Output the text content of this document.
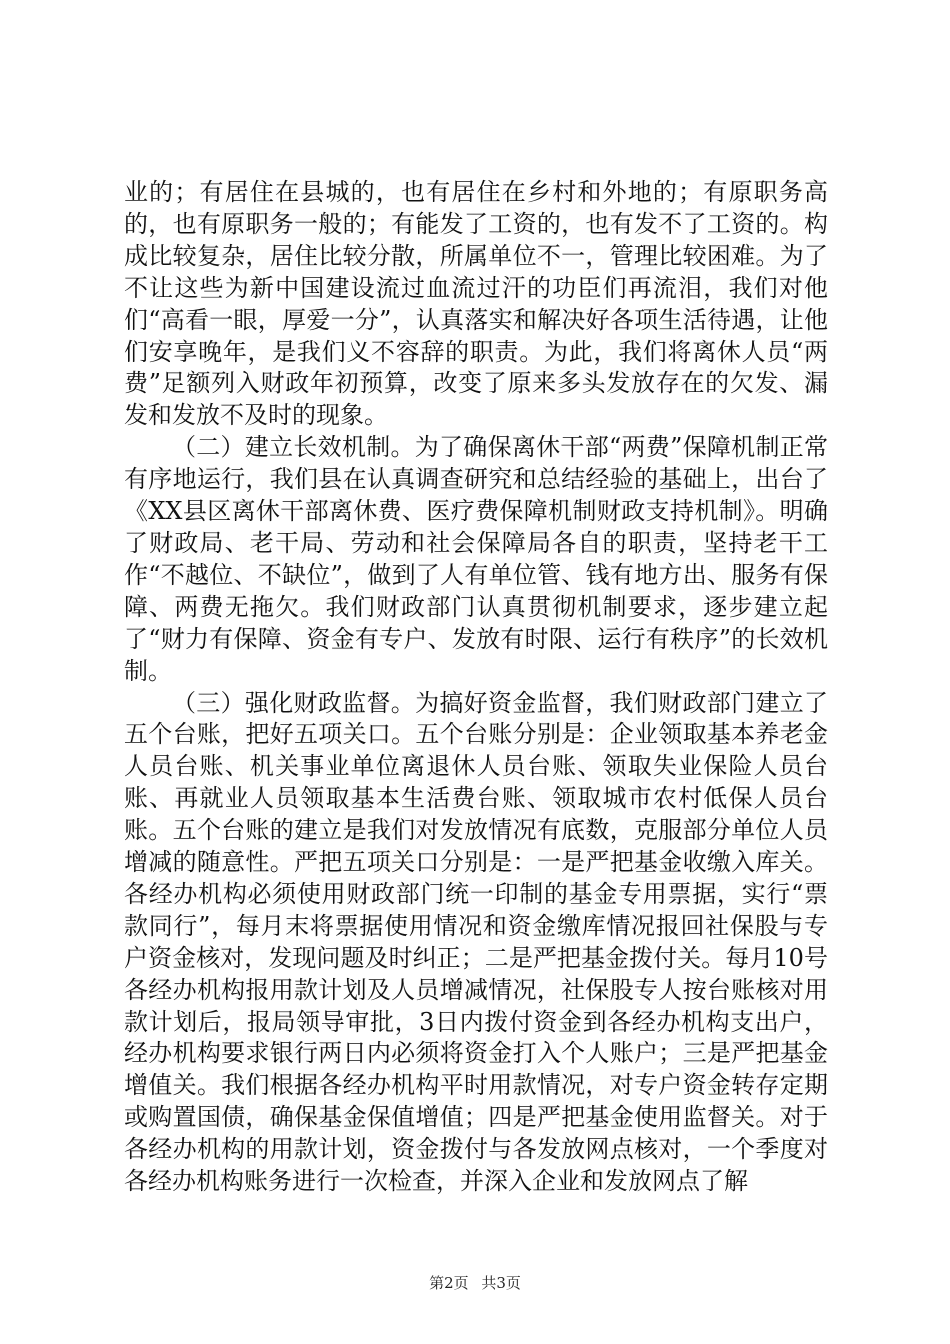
业的；有居住在县城的，也有居住在乡村和外地的；有原职务高的，也有原职务一般的；有能发了工资的，也有发不了工资的。构成比较复杂，居住比较分散，所属单位不一，管理比较困难。为了不让这些为新中国建设流过血流过汗的功臣们再流泪，我们对他们“高看一眼，厚爱一分”，认真落实和解决好各项生活待遇，让他们安享晚年，是我们义不容辞的职责。为此，我们将离休人员“两费”足额列入财政年初预算，改变了原来多头发放存在的欠发、漏发和发放不及时的现象。

（二）建立长效机制。为了确保离休干部“两费”保障机制正常有序地运行，我们县在认真调查研究和总结经验的基础上，出台了《XX县区离休干部离休费、医疗费保障机制财政支持机制》。明确了财政局、老干局、劳动和社会保障局各自的职责，坚持老干工作“不越位、不缺位”，做到了人有单位管、钱有地方出、服务有保障、两费无拖欠。我们财政部门认真贯彻机制要求，逐步建立起了“财力有保障、资金有专户、发放有时限、运行有秩序”的长效机制。

（三）强化财政监督。为搞好资金监督，我们财政部门建立了五个台账，把好五项关口。五个台账分别是：企业领取基本养老金人员台账、机关事业单位离退休人员台账、领取失业保险人员台账、再就业人员领取基本生活费台账、领取城市农村低保人员台账。五个台账的建立是我们对发放情况有底数，克服部分单位人员增减的随意性。严把五项关口分别是：一是严把基金收缴入库关。各经办机构必须使用财政部门统一印制的基金专用票据，实行“票款同行”，每月末将票据使用情况和资金缴库情况报回社保股与专户资金核对，发现问题及时纠正；二是严把基金拨付关。每月10号各经办机构报用款计划及人员增减情况，社保股专人按台账核对用款计划后，报局领导审批，3日内拨付资金到各经办机构支出户，经办机构要求银行两日内必须将资金打入个人账户；三是严把基金增值关。我们根据各经办机构平时用款情况，对专户资金转存定期或购置国债，确保基金保值增值；四是严把基金使用监督关。对于各经办机构的用款计划，资金拨付与各发放网点核对，一个季度对各经办机构账务进行一次检查，并深入企业和发放网点了解

第2页 共3页
